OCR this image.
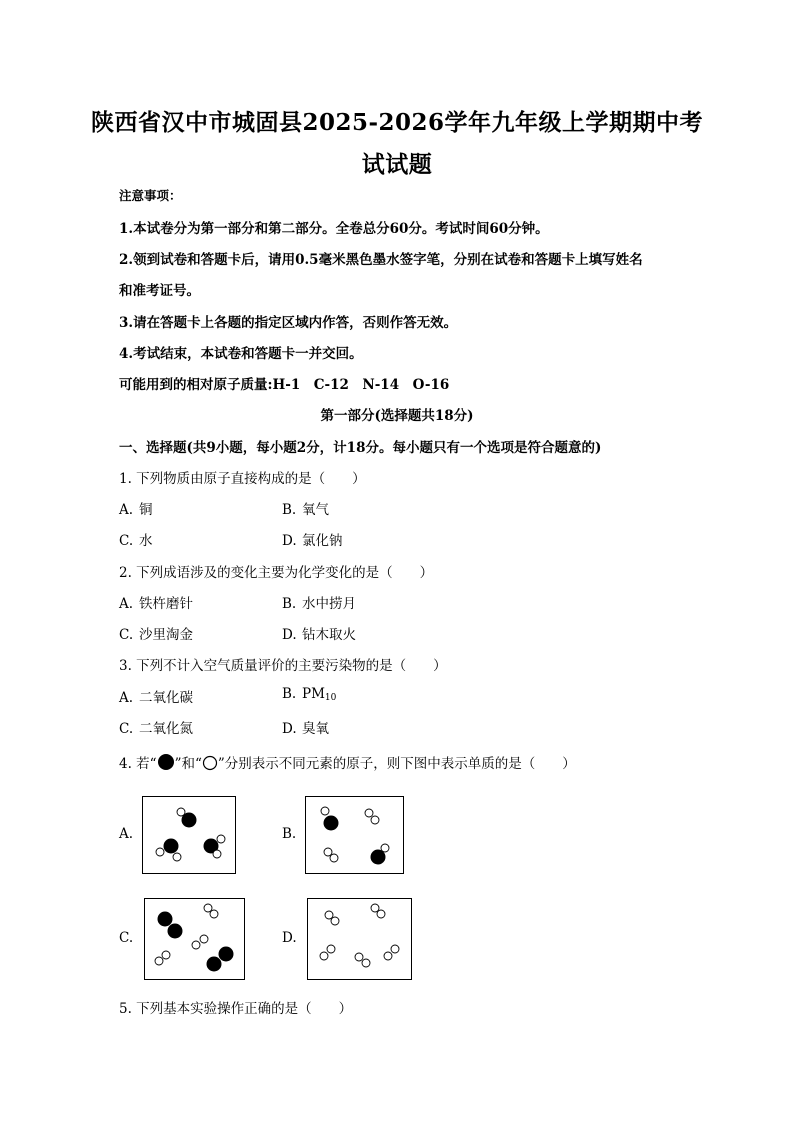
陕西省汉中市城固县2025-2026学年九年级上学期期中考
试试题
注意事项：
1.本试卷分为第一部分和第二部分。全卷总分60分。考试时间60分钟。
2.领到试卷和答题卡后，请用0.5毫米黑色墨水签字笔，分别在试卷和答题卡上填写姓名
和准考证号。
3.请在答题卡上各题的指定区域内作答，否则作答无效。
4.考试结束，本试卷和答题卡一并交回。
可能用到的相对原子质量:H-1　C-12　N-14　O-16
第一部分(选择题共18分)
一、选择题(共9小题，每小题2分，计18分。每小题只有一个选项是符合题意的)
1. 下列物质由原子直接构成的是（　　）
A. 铜	B. 氧气
C. 水	D. 氯化钠
2. 下列成语涉及的变化主要为化学变化的是（　　）
A. 铁杵磨针	B. 水中捞月
C. 沙里淘金	D. 钻木取火
3. 下列不计入空气质量评价的主要污染物的是（　　）
A. 二氧化碳	B. $PM_{10}$
C. 二氧化氮	D. 臭氧
4. 若“ ”和“ ”分别表示不同元素的原子，则下图中表示单质的是（　　）
A.	B.
C.	D.
5. 下列基本实验操作正确的是（　　）
